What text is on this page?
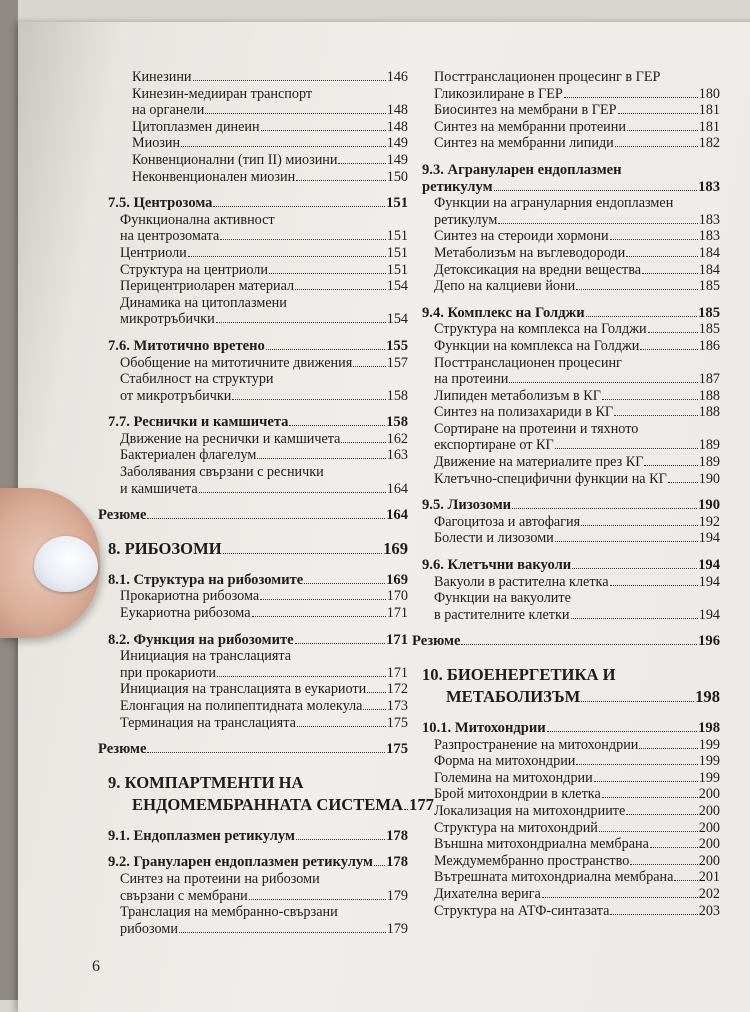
Кинезини	146
Кинезин-медииран транспорт
на органели	148
Цитоплазмен динеин	148
Миозин	149
Конвенционални (тип II) миозини	149
Неконвенционален миозин	150
7.5. Центрозома	151
Функционална активност
на центрозомата	151
Центриоли	151
Структура на центриоли	151
Перицентриоларен материал	154
Динамика на цитоплазмени
микротръбички	154
7.6. Митотично вретено	155
Обобщение на митотичните движения 157
Стабилност на структури
от микротръбички	158
7.7. Реснички и камшичета	158
Движение на реснички и камшичета	162
Бактериален флагелум	163
Заболявания свързани с реснички
и камшичета	164
Резюме	164
8. РИБОЗОМИ	169
8.1. Структура на рибозомите	169
Прокариотна рибозома	170
Еукариотна рибозома	171
8.2. Функция на рибозомите	171
Инициация на транслацията
при прокариоти	171
Инициация на транслацията в еукариоти 172
Елонгация на полипептидната молекула 173
Терминация на транслацията	175
Резюме	175
9. КОМПАРТМЕНТИ НА
ЕНДОМЕМБРАННАТА СИСТЕМА 177
9.1. Ендоплазмен ретикулум	178
9.2. Грануларен ендоплазмен ретикулум 178
Синтез на протеини на рибозоми
свързани с мембрани	179
Транслация на мембранно-свързани
рибозоми	179
Посттранслационен процесинг в ГЕР
Гликозилиране в ГЕР	180
Биосинтез на мембрани в ГЕР	181
Синтез на мембранни протеини	181
Синтез на мембранни липиди	182
9.3. Агрануларен ендоплазмен
ретикулум	183
Функции на агрануларния ендоплазмен
ретикулум	183
Синтез на стероиди хормони	183
Метаболизъм на въглеводороди	184
Детоксикация на вредни вещества	184
Депо на калциеви йони	185
9.4. Комплекс на Голджи	185
Структура на комплекса на Голджи	185
Функции на комплекса на Голджи	186
Посттранслационен процесинг
на протеини	187
Липиден метаболизъм в КГ	188
Синтез на полизахариди в КГ	188
Сортиране на протеини и тяхното
експортиране от КГ	189
Движение на материалите през КГ	189
Клетъчно-специфични функции на КГ 190
9.5. Лизозоми	190
Фагоцитоза и автофагия	192
Болести и лизозоми	194
9.6. Клетъчни вакуоли	194
Вакуоли в растителна клетка	194
Функции на вакуолите
в растителните клетки	194
Резюме	196
10. БИОЕНЕРГЕТИКА И
МЕТАБОЛИЗЪМ	198
10.1. Митохондрии	198
Разпространение на митохондрии	199
Форма на митохондрии	199
Големина на митохондрии	199
Брой митохондрии в клетка	200
Локализация на митохондриите	200
Структура на митохондрий	200
Външна митохондриална мембрана	200
Междумембранно пространство	200
Вътрешната митохондриална мембрана 201
Дихателна верига	202
Структура на АТФ-синтазата	203
6
